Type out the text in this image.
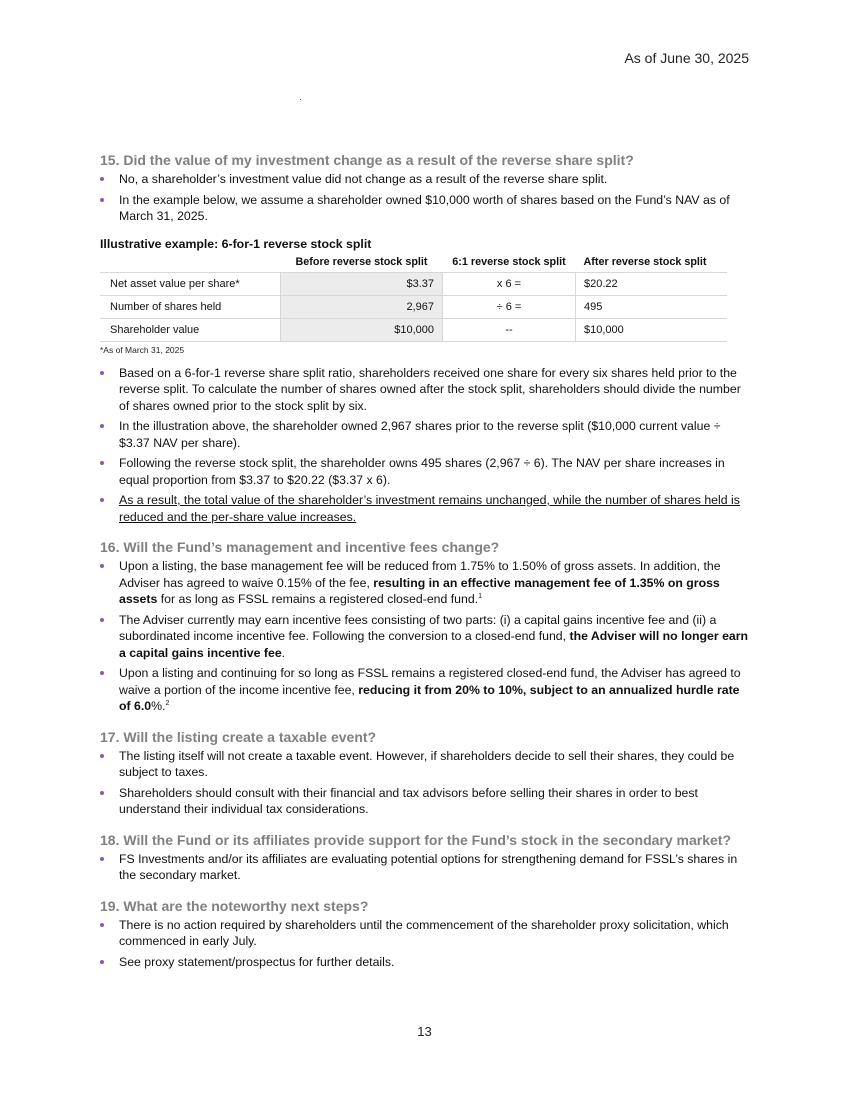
As of June 30, 2025
15. Did the value of my investment change as a result of the reverse share split?
No, a shareholder’s investment value did not change as a result of the reverse share split.
In the example below, we assume a shareholder owned $10,000 worth of shares based on the Fund’s NAV as of March 31, 2025.
Illustrative example: 6-for-1 reverse stock split
	Before reverse stock split	6:1 reverse stock split	After reverse stock split
Net asset value per share*	$3.37	x 6 =	$20.22
Number of shares held	2,967	÷ 6 =	495
Shareholder value	$10,000	--	$10,000
*As of March 31, 2025
Based on a 6-for-1 reverse share split ratio, shareholders received one share for every six shares held prior to the reverse split. To calculate the number of shares owned after the stock split, shareholders should divide the number of shares owned prior to the stock split by six.
In the illustration above, the shareholder owned 2,967 shares prior to the reverse split ($10,000 current value ÷ $3.37 NAV per share).
Following the reverse stock split, the shareholder owns 495 shares (2,967 ÷ 6). The NAV per share increases in equal proportion from $3.37 to $20.22 ($3.37 x 6).
As a result, the total value of the shareholder’s investment remains unchanged, while the number of shares held is reduced and the per-share value increases.
16. Will the Fund’s management and incentive fees change?
Upon a listing, the base management fee will be reduced from 1.75% to 1.50% of gross assets. In addition, the Adviser has agreed to waive 0.15% of the fee, resulting in an effective management fee of 1.35% on gross assets for as long as FSSL remains a registered closed-end fund.$^1$
The Adviser currently may earn incentive fees consisting of two parts: (i) a capital gains incentive fee and (ii) a subordinated income incentive fee. Following the conversion to a closed-end fund, the Adviser will no longer earn a capital gains incentive fee.
Upon a listing and continuing for so long as FSSL remains a registered closed-end fund, the Adviser has agreed to waive a portion of the income incentive fee, reducing it from 20% to 10%, subject to an annualized hurdle rate of 6.0%.$^2$
17. Will the listing create a taxable event?
The listing itself will not create a taxable event. However, if shareholders decide to sell their shares, they could be subject to taxes.
Shareholders should consult with their financial and tax advisors before selling their shares in order to best understand their individual tax considerations.
18. Will the Fund or its affiliates provide support for the Fund’s stock in the secondary market?
FS Investments and/or its affiliates are evaluating potential options for strengthening demand for FSSL’s shares in the secondary market.
19. What are the noteworthy next steps?
There is no action required by shareholders until the commencement of the shareholder proxy solicitation, which commenced in early July.
See proxy statement/prospectus for further details.
13
